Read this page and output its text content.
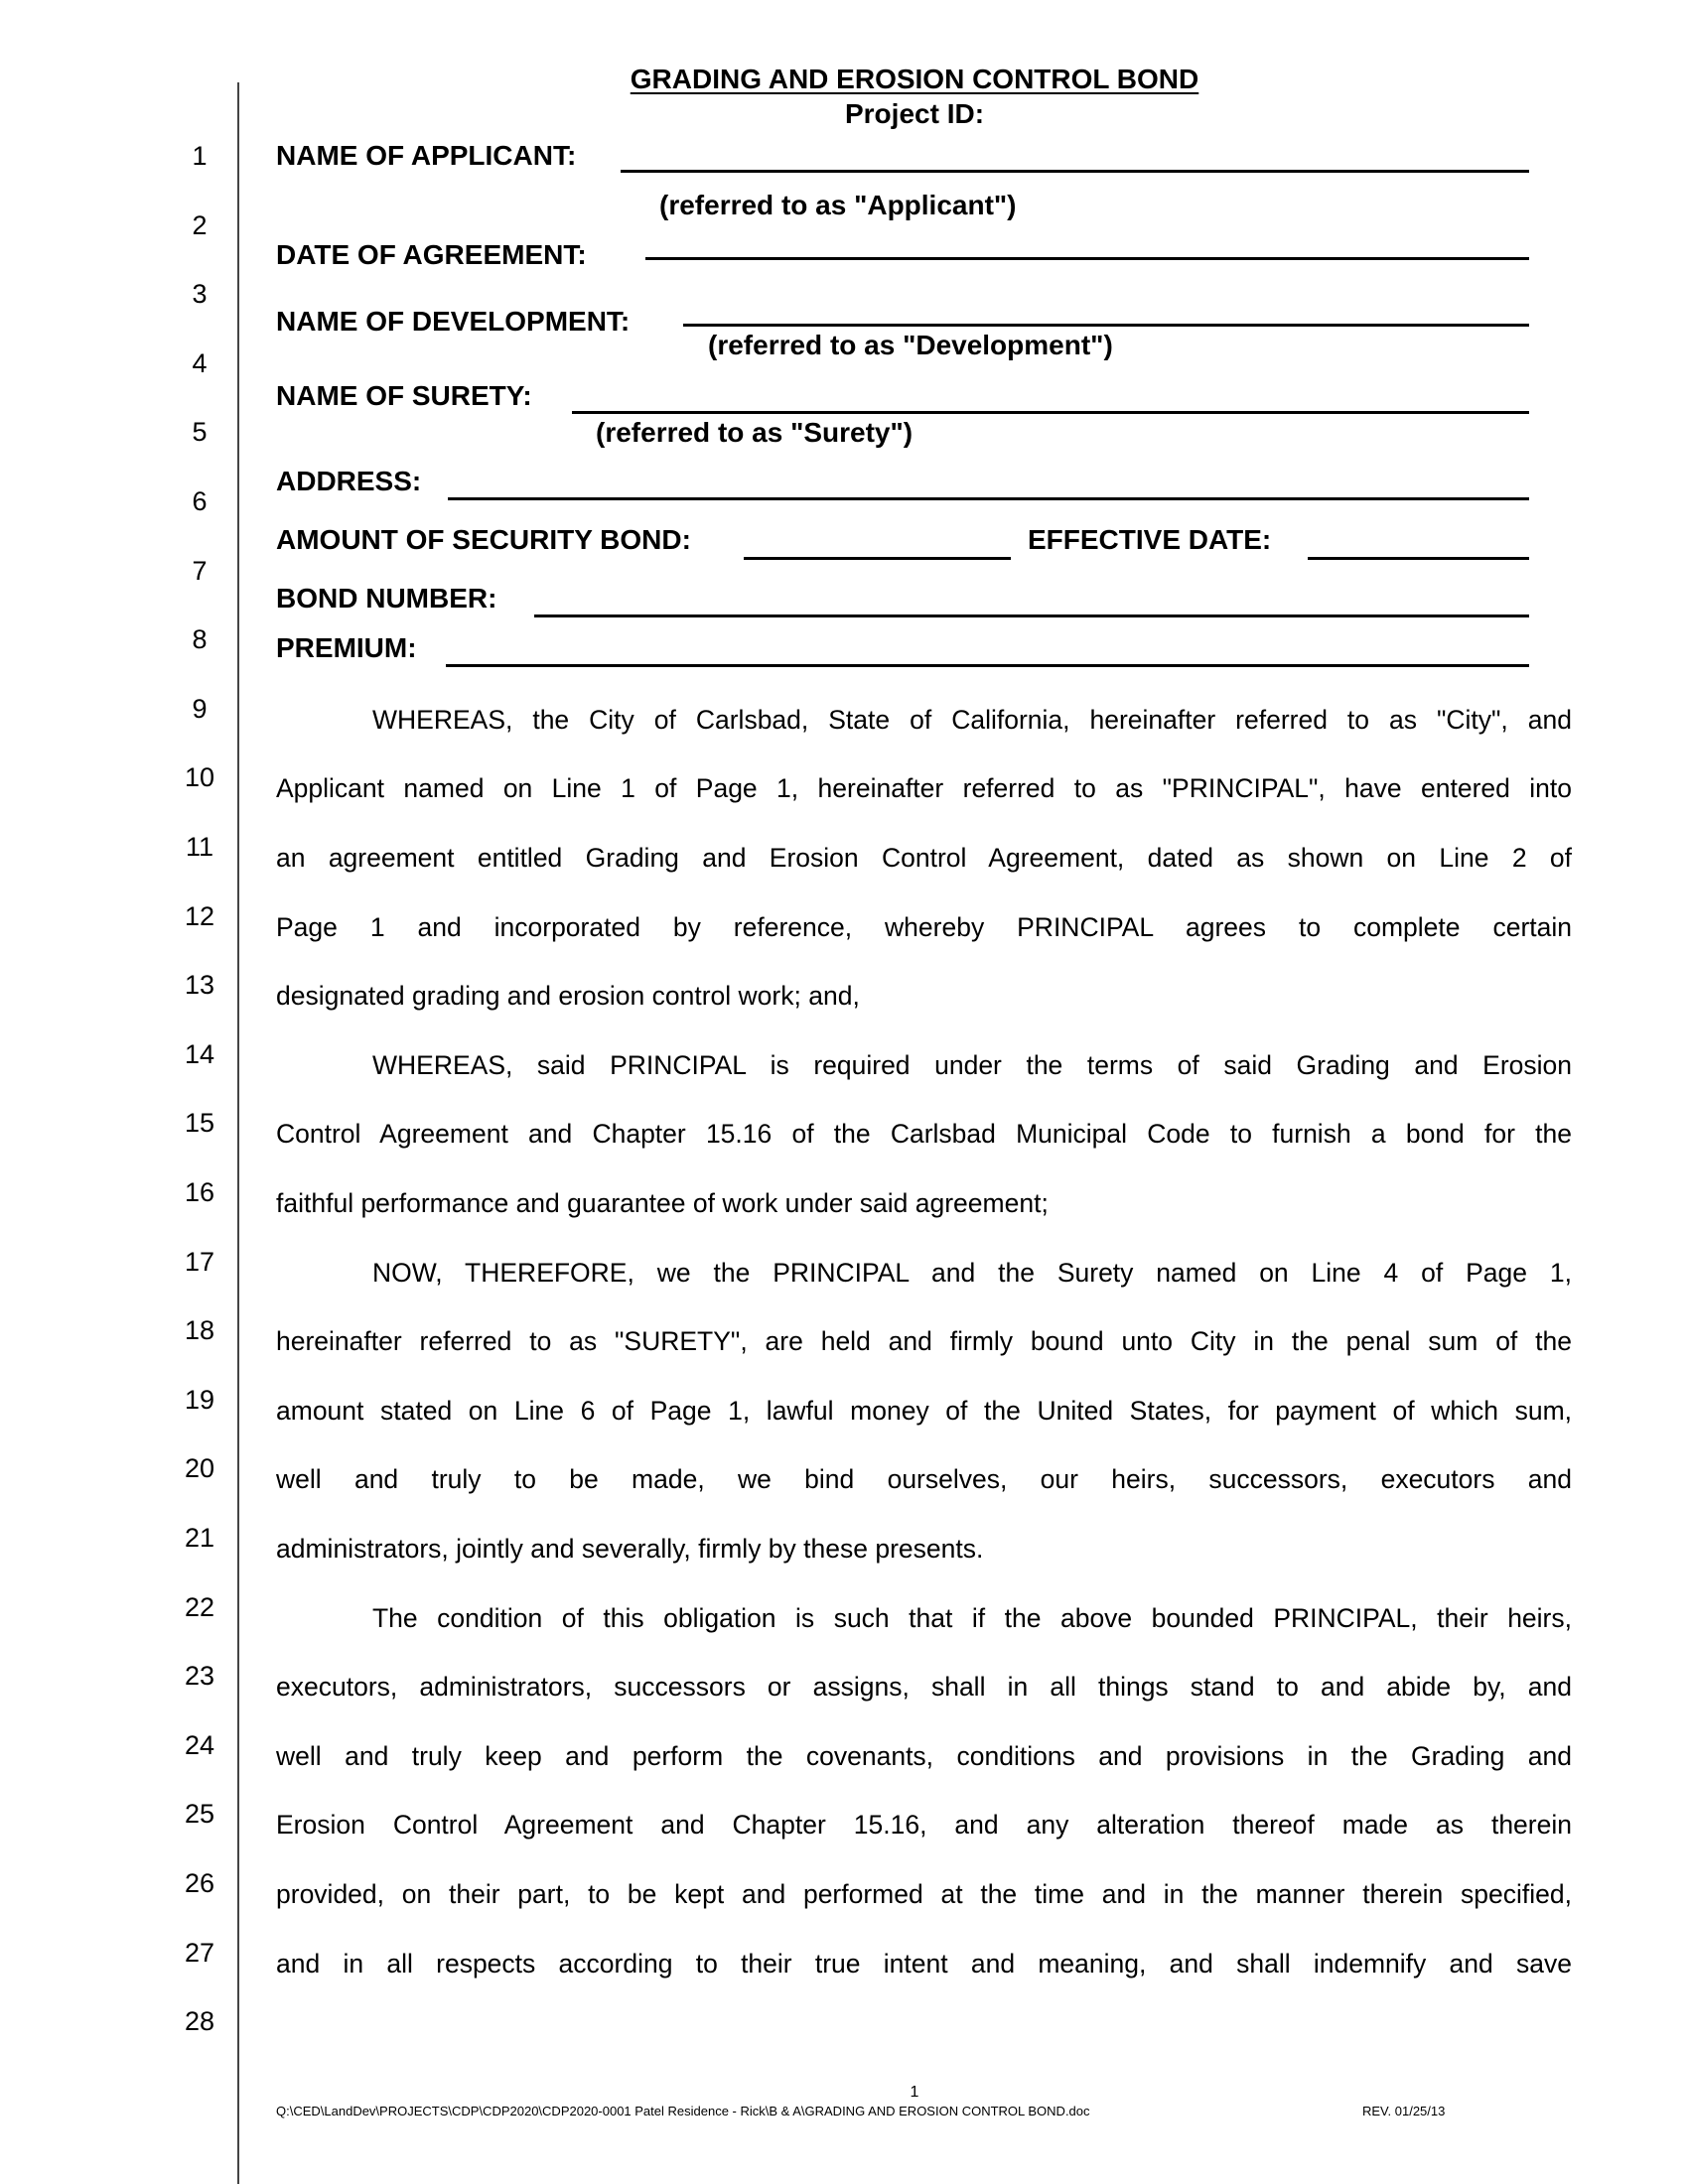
1
2
3
4
5
6
7
8
9
10
11
12
13
14
15
16
17
18
19
20
21
22
23
24
25
26
27
28
GRADING AND EROSION CONTROL BOND
Project ID:
NAME OF APPLICANT:
(referred to as "Applicant")
DATE OF AGREEMENT:
NAME OF DEVELOPMENT:
(referred to as "Development")
NAME OF SURETY:
(referred to as "Surety")
ADDRESS:
AMOUNT OF SECURITY BOND:	EFFECTIVE DATE:
BOND NUMBER:
PREMIUM:
WHEREAS, the City of Carlsbad, State of California, hereinafter referred to as "City", and
Applicant named on Line 1 of Page 1, hereinafter referred to as "PRINCIPAL", have entered into
an agreement entitled Grading and Erosion Control Agreement, dated as shown on Line 2 of
Page 1 and incorporated by reference, whereby PRINCIPAL agrees to complete certain
designated grading and erosion control work; and,
WHEREAS, said PRINCIPAL is required under the terms of said Grading and Erosion
Control Agreement and Chapter 15.16 of the Carlsbad Municipal Code to furnish a bond for the
faithful performance and guarantee of work under said agreement;
NOW, THEREFORE, we the PRINCIPAL and the Surety named on Line 4 of Page 1,
hereinafter referred to as "SURETY", are held and firmly bound unto City in the penal sum of the
amount stated on Line 6 of Page 1, lawful money of the United States, for payment of which sum,
well and truly to be made, we bind ourselves, our heirs, successors, executors and
administrators, jointly and severally, firmly by these presents.
The condition of this obligation is such that if the above bounded PRINCIPAL, their heirs,
executors, administrators, successors or assigns, shall in all things stand to and abide by, and
well and truly keep and perform the covenants, conditions and provisions in the Grading and
Erosion Control Agreement and Chapter 15.16, and any alteration thereof made as therein
provided, on their part, to be kept and performed at the time and in the manner therein specified,
and in all respects according to their true intent and meaning, and shall indemnify and save
1
Q:\CED\LandDev\PROJECTS\CDP\CDP2020\CDP2020-0001 Patel Residence - Rick\B & A\GRADING AND EROSION CONTROL BOND.doc	REV. 01/25/13
